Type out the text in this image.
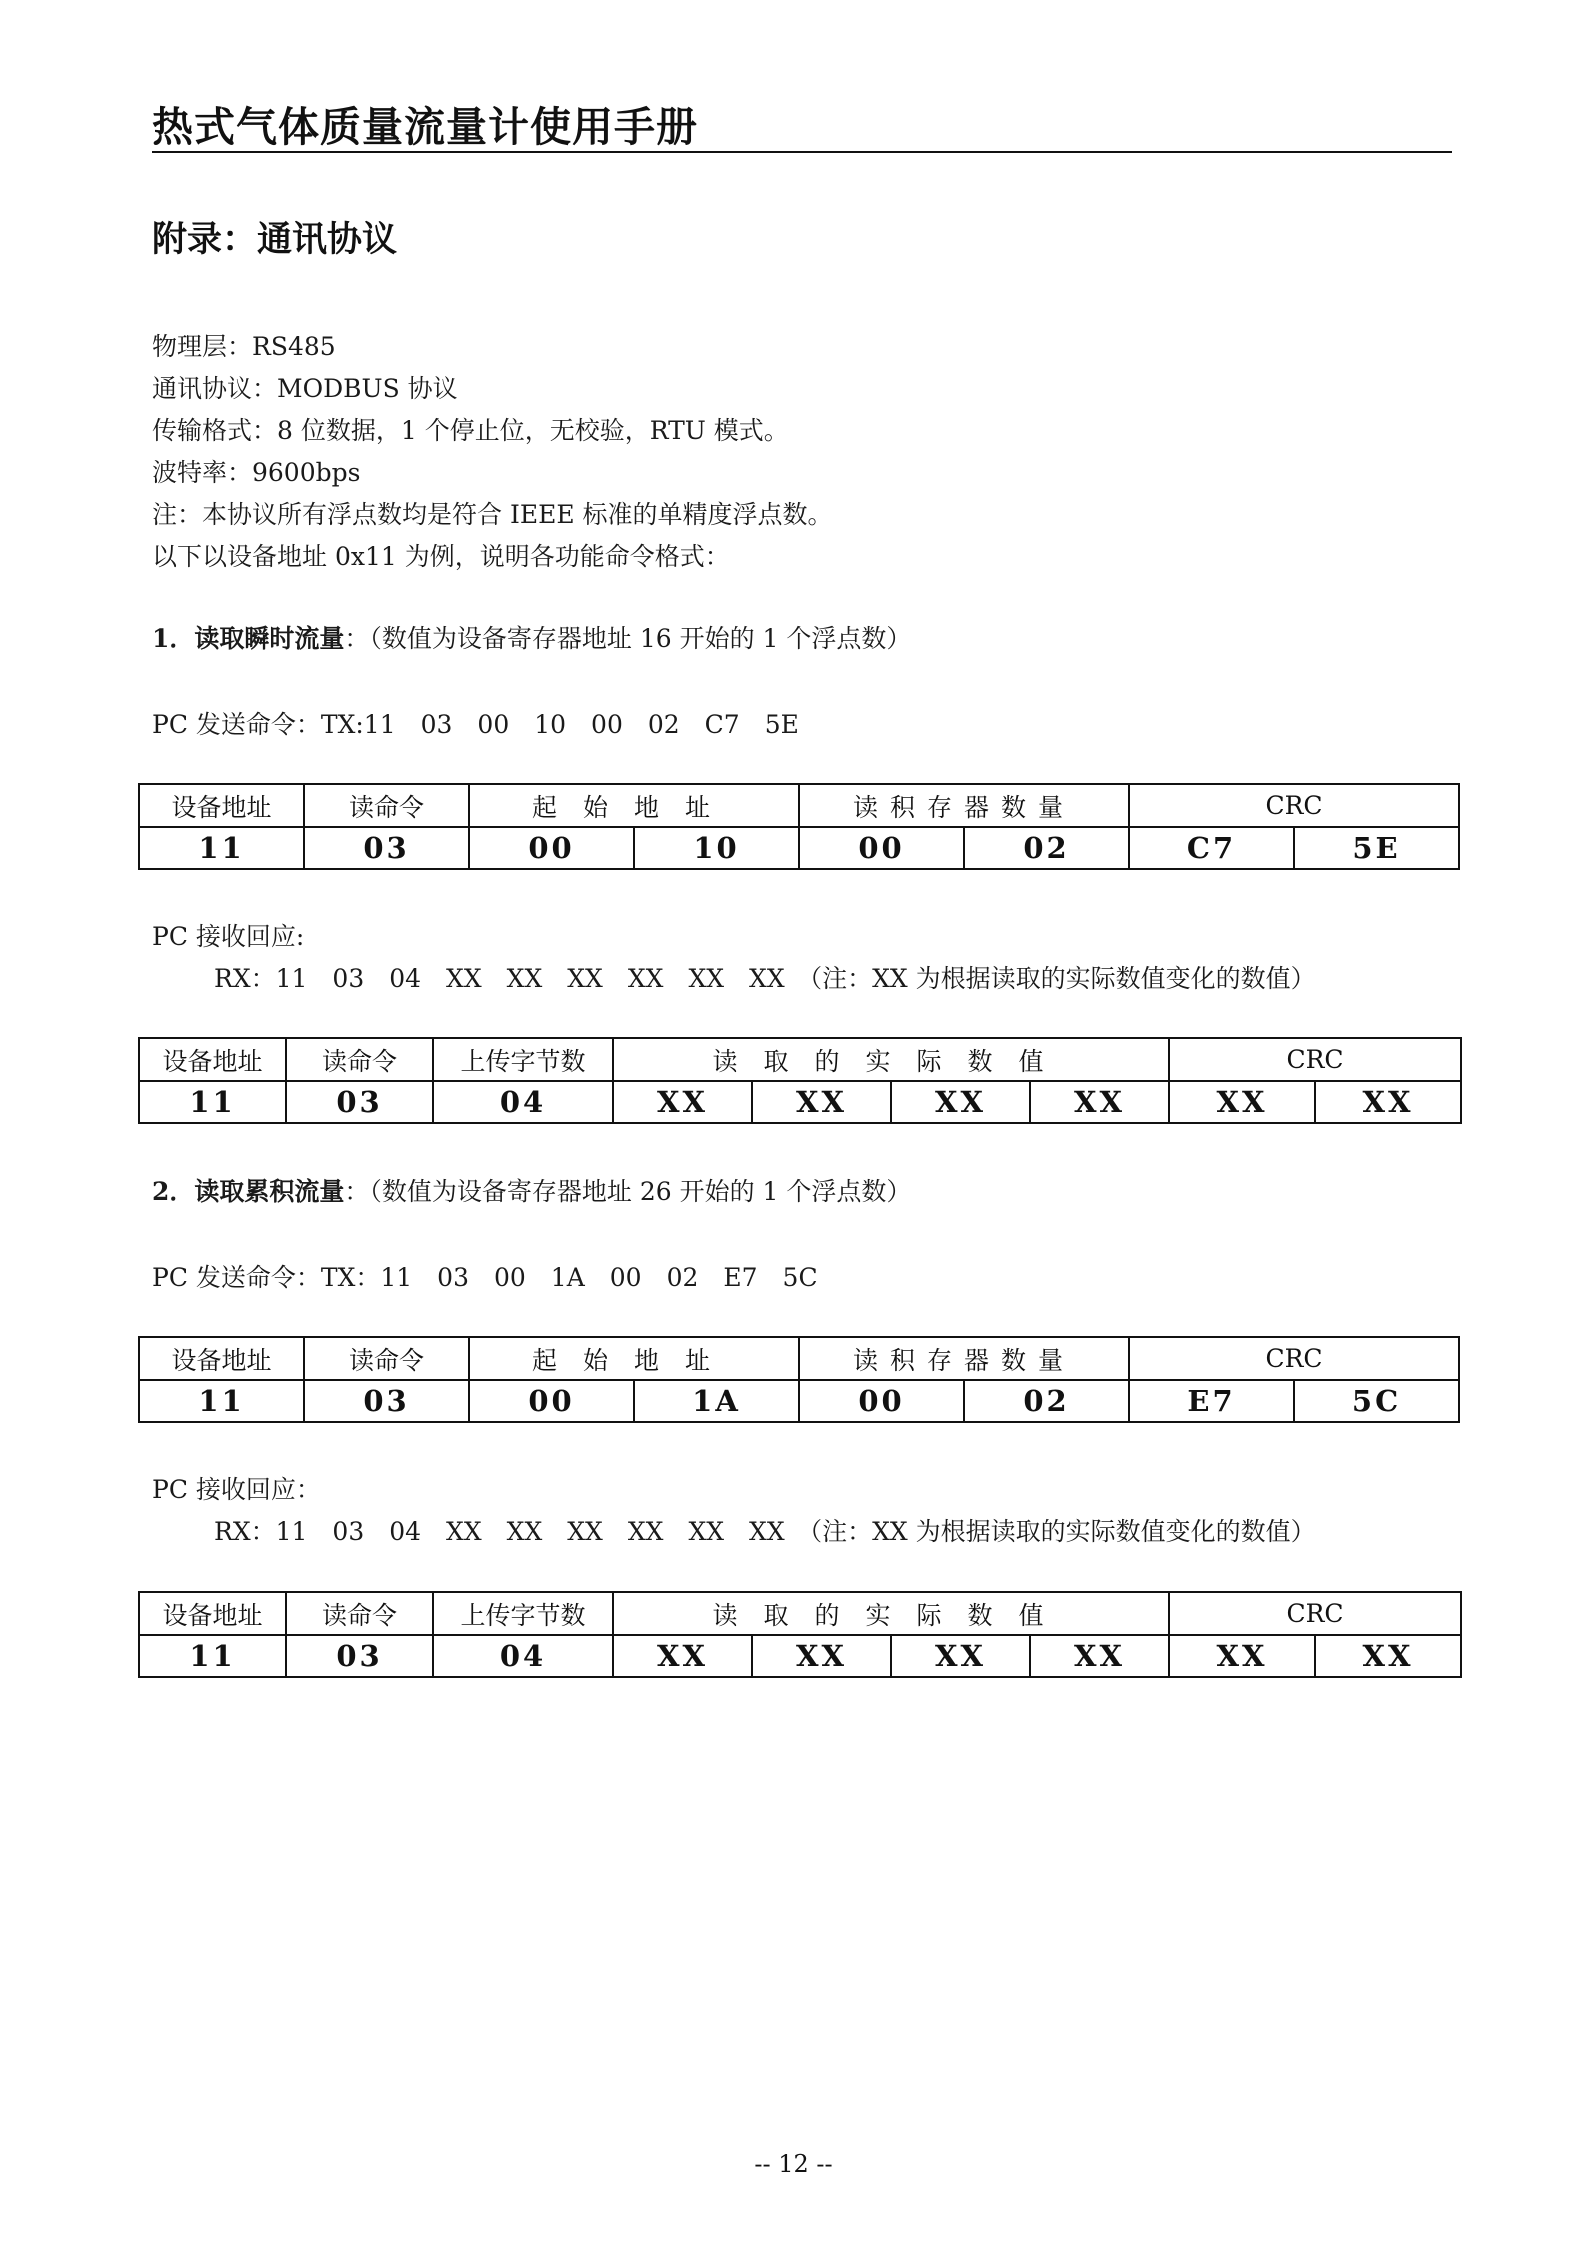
热式气体质量流量计使用手册
附录：通讯协议
物理层：RS485
通讯协议：MODBUS 协议
传输格式：8 位数据，1 个停止位，无校验，RTU 模式。
波特率：9600bps
注：本协议所有浮点数均是符合 IEEE 标准的单精度浮点数。
以下以设备地址 0x11 为例，说明各功能命令格式：
1．读取瞬时流量：（数值为设备寄存器地址 16 开始的 1 个浮点数）
PC 发送命令：TX:11　03　00　10　00　02　C7　5E
设备地址	读命令	起始地址		读积存器数量		CRC	
11	03	00	10	00	02	C7	5E
PC 接收回应:
RX：11　03　04　XX　XX　XX　XX　XX　XX　（注：XX 为根据读取的实际数值变化的数值）
设备地址	读命令	上传字节数	读取的实际数值				CRC	
11	03	04	XX	XX	XX	XX	XX	XX
2．读取累积流量：（数值为设备寄存器地址 26 开始的 1 个浮点数）
PC 发送命令：TX：11　03　00　1A　00　02　E7　5C
设备地址	读命令	起始地址		读积存器数量		CRC	
11	03	00	1A	00	02	E7	5C
PC 接收回应：
RX：11　03　04　XX　XX　XX　XX　XX　XX　（注：XX 为根据读取的实际数值变化的数值）
设备地址	读命令	上传字节数	读取的实际数值				CRC	
11	03	04	XX	XX	XX	XX	XX	XX
-- 12 --
